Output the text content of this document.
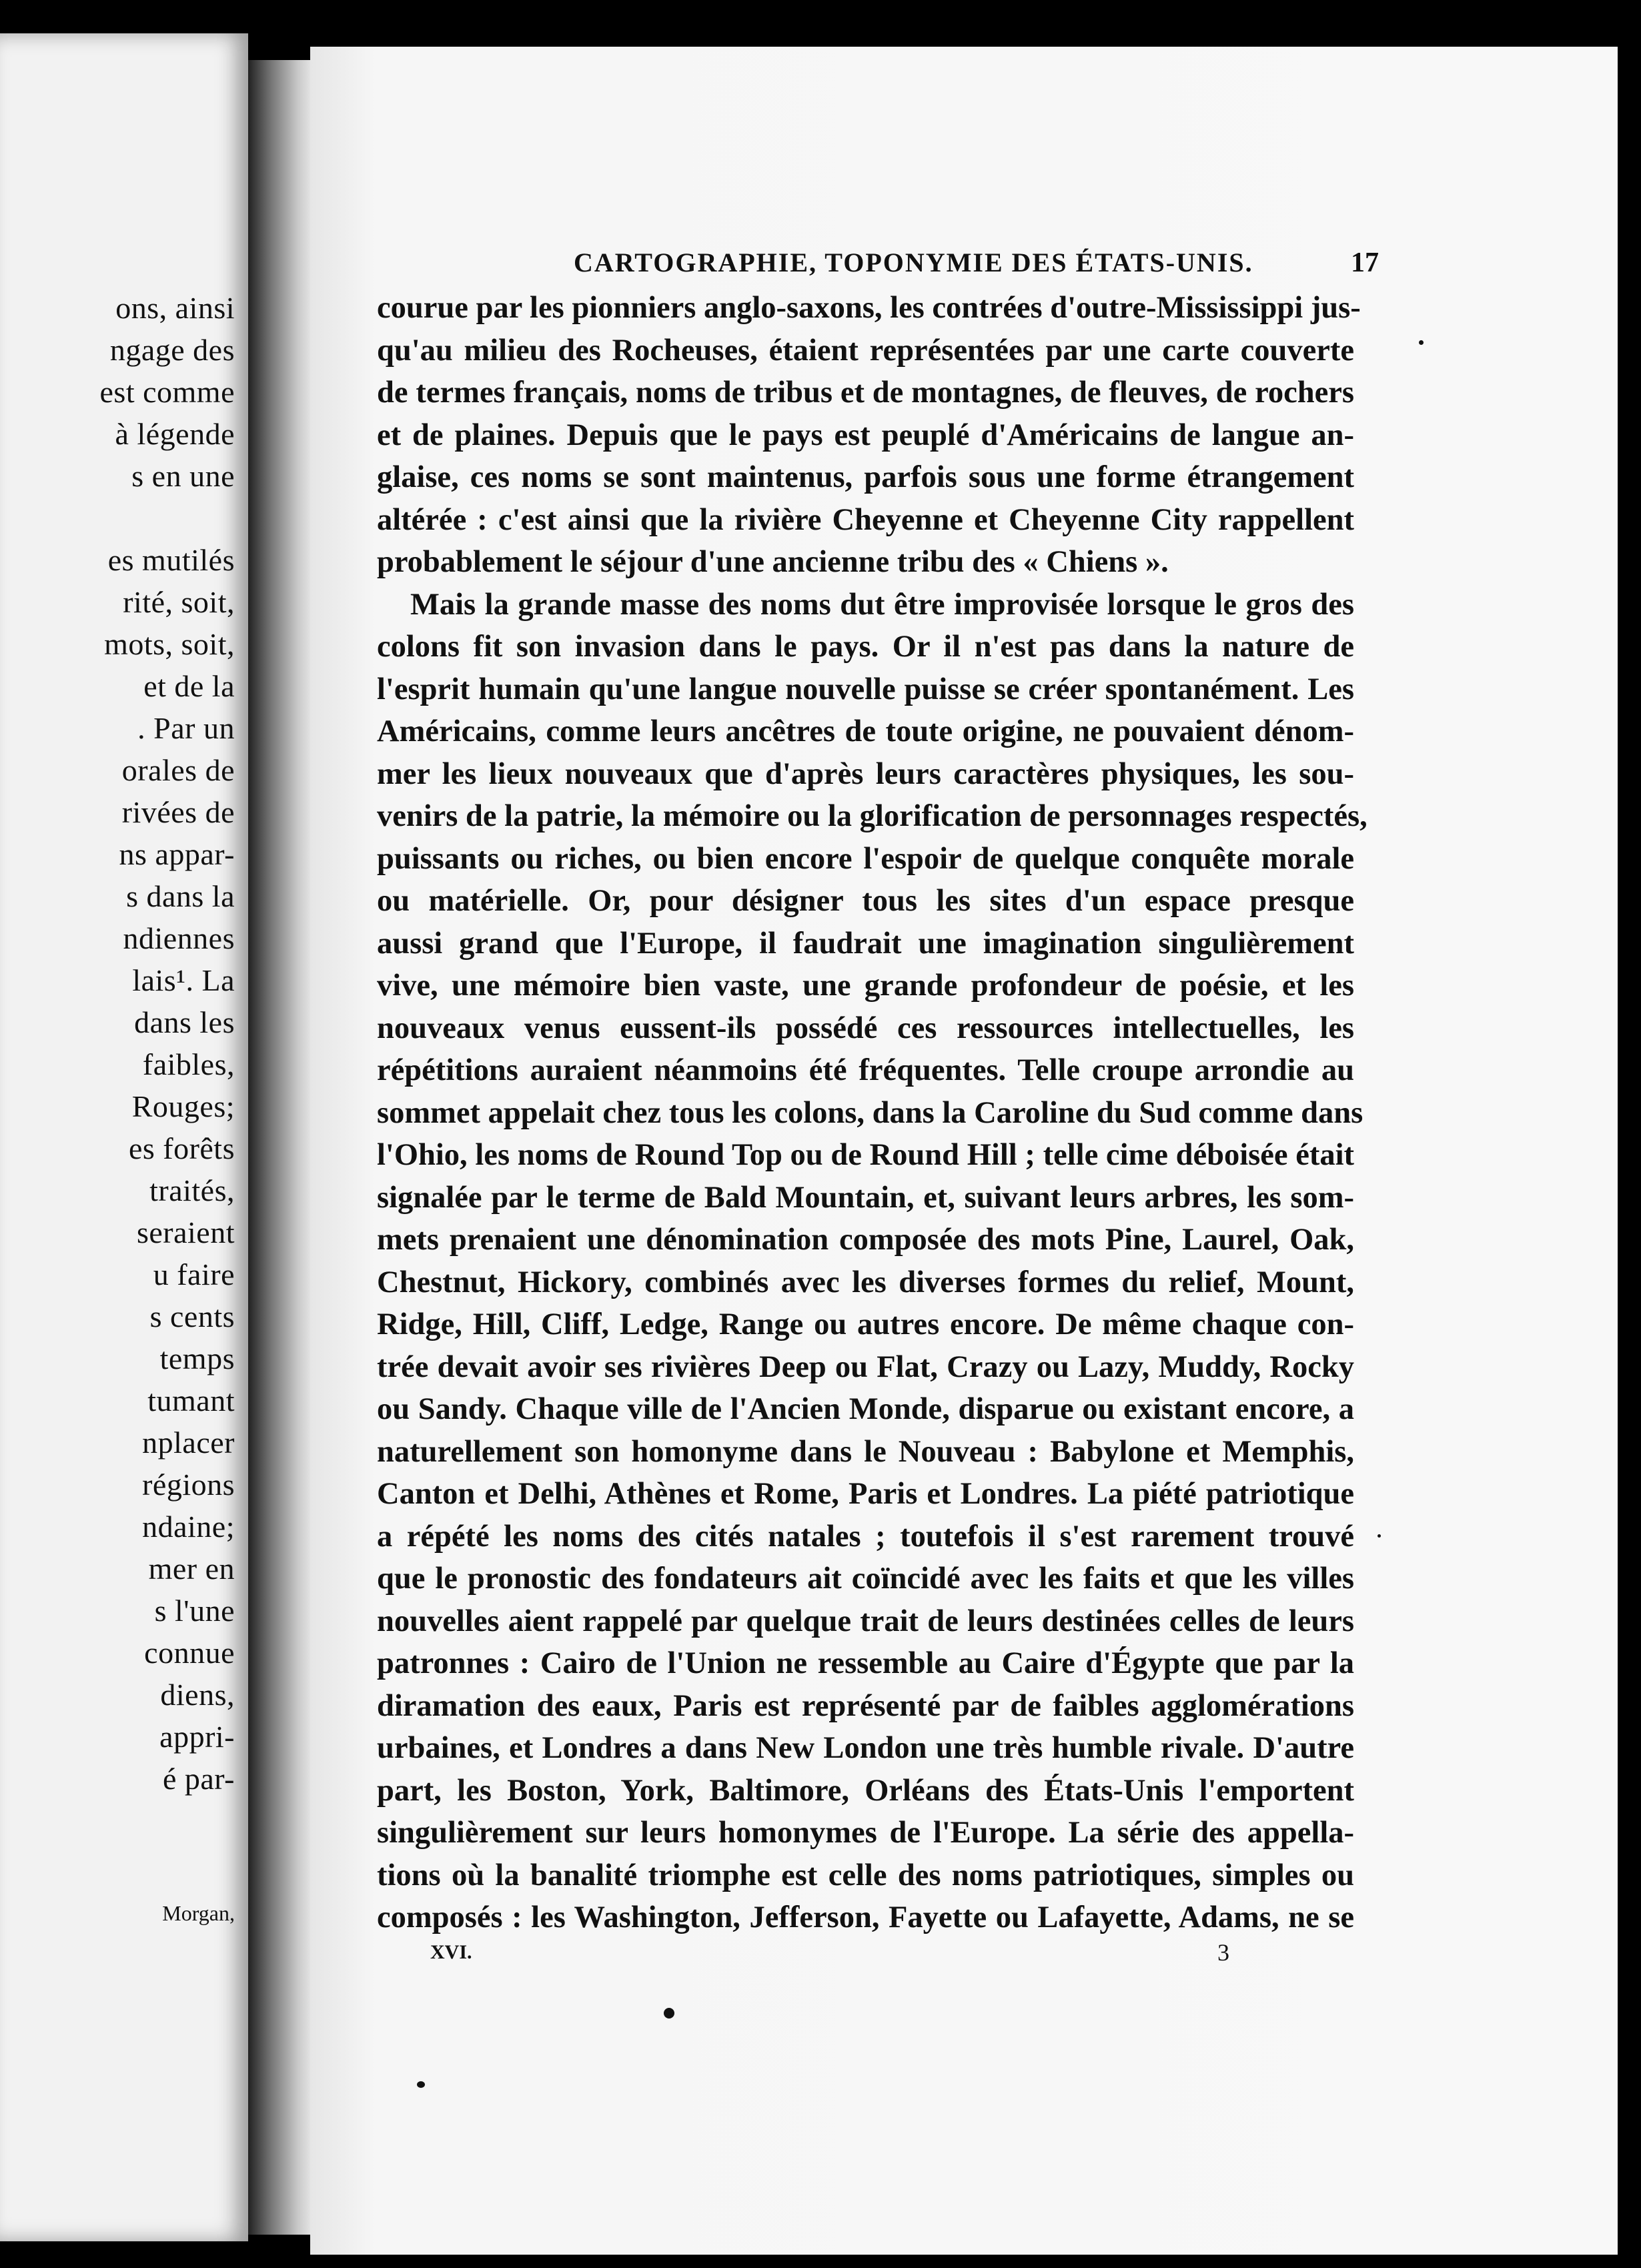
ons, ainsi
ngage des
est comme
à légende
s en une
es mutilés
rité, soit,
mots, soit,
et de la
. Par un
orales de
rivées de
ns appar-
s dans la
ndiennes
lais¹. La
dans les
faibles,
Rouges;
es forêts
traités,
seraient
u faire
s cents
temps
tumant
nplacer
régions
ndaine;
mer en
s l'une
connue
diens,
appri-
é par-
Morgan,
CARTOGRAPHIE, TOPONYMIE DES ÉTATS-UNIS.	17
courue par les pionniers anglo-saxons, les contrées d'outre-Mississippi jus-
qu'au milieu des Rocheuses, étaient représentées par une carte couverte
de termes français, noms de tribus et de montagnes, de fleuves, de rochers
et de plaines. Depuis que le pays est peuplé d'Américains de langue an-
glaise, ces noms se sont maintenus, parfois sous une forme étrangement
altérée : c'est ainsi que la rivière Cheyenne et Cheyenne City rappellent
probablement le séjour d'une ancienne tribu des « Chiens ».
Mais la grande masse des noms dut être improvisée lorsque le gros des
colons fit son invasion dans le pays. Or il n'est pas dans la nature de
l'esprit humain qu'une langue nouvelle puisse se créer spontanément. Les
Américains, comme leurs ancêtres de toute origine, ne pouvaient dénom-
mer les lieux nouveaux que d'après leurs caractères physiques, les sou-
venirs de la patrie, la mémoire ou la glorification de personnages respectés,
puissants ou riches, ou bien encore l'espoir de quelque conquête morale
ou matérielle. Or, pour désigner tous les sites d'un espace presque
aussi grand que l'Europe, il faudrait une imagination singulièrement
vive, une mémoire bien vaste, une grande profondeur de poésie, et les
nouveaux venus eussent-ils possédé ces ressources intellectuelles, les
répétitions auraient néanmoins été fréquentes. Telle croupe arrondie au
sommet appelait chez tous les colons, dans la Caroline du Sud comme dans
l'Ohio, les noms de Round Top ou de Round Hill ; telle cime déboisée était
signalée par le terme de Bald Mountain, et, suivant leurs arbres, les som-
mets prenaient une dénomination composée des mots Pine, Laurel, Oak,
Chestnut, Hickory, combinés avec les diverses formes du relief, Mount,
Ridge, Hill, Cliff, Ledge, Range ou autres encore. De même chaque con-
trée devait avoir ses rivières Deep ou Flat, Crazy ou Lazy, Muddy, Rocky
ou Sandy. Chaque ville de l'Ancien Monde, disparue ou existant encore, a
naturellement son homonyme dans le Nouveau : Babylone et Memphis,
Canton et Delhi, Athènes et Rome, Paris et Londres. La piété patriotique
a répété les noms des cités natales ; toutefois il s'est rarement trouvé
que le pronostic des fondateurs ait coïncidé avec les faits et que les villes
nouvelles aient rappelé par quelque trait de leurs destinées celles de leurs
patronnes : Cairo de l'Union ne ressemble au Caire d'Égypte que par la
diramation des eaux, Paris est représenté par de faibles agglomérations
urbaines, et Londres a dans New London une très humble rivale. D'autre
part, les Boston, York, Baltimore, Orléans des États-Unis l'emportent
singulièrement sur leurs homonymes de l'Europe. La série des appella-
tions où la banalité triomphe est celle des noms patriotiques, simples ou
composés : les Washington, Jefferson, Fayette ou Lafayette, Adams, ne se
XVI.	3
